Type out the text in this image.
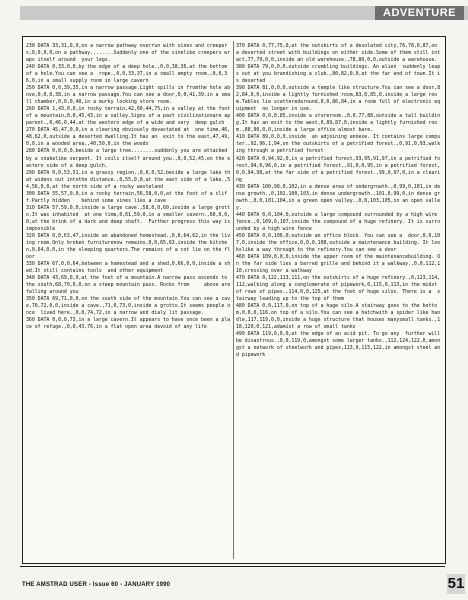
ADVENTURE
230 DATA 33,31,0,0,on a narrow pathway overrun with vines and creepers,0,0,0,0,on a pathway........Suddenly one of the vinelike creepers wraps itself around  your legs.
240 DATA 0,33,0,0,by the edge of a deep hole.,0,0,38,36,at the bottom of a hole.You can see a  rope.,0,0,33,37,in a small empty room.,0,0,36,0,in a small supply room in large cavern
250 DATA 0,0,39,35,in a narrow passage.Light spills in fromthe hole above,0,0,0,38,in a narrow passage.You can see a door,0,0,41,39,in a small chamber,0,0,0,40,in a murky locking store room.
260 DATA 1,43,0,0,in rocky terrain,42,60,44,75,in a valley at the foot of a mountain,0,0,45,43,in a valley.Signs of a past civilizationare apparent.,0,46,0,44,at the western edge of a wide and very  deep gulch
270 DATA 45,47,0,0,in a clearing obviously devastated at  one time,46,48,62,0,outside a deserted dwelling.It has an  exit to the east,47,49,0,0,in a wooded area.,40,50,0,in the woods
280 DATA 0,0,0,0,beside a large tree........suddenly you are attacked by a snakelike serpent. It coils itself around you.,0,0,52,45,on the eastern side of a deep gulch.
290 DATA 0,0,53,51,in a grassy region.,0,0,0,52,beside a large lake that widens out intothe distance.,0,55,0,0,at the east side of a lake.,54,56,0,0,at the north side of a rocky wasteland
300 DATA 55,57,0,0,in a rocky terrain,56,58,0,0,at the foot of a cliff.Partly hidden    behind some vines lies a cave
310 DATA 57,59,0,0,inside a large cave.,58,0,0,60,inside a large grotto.It was inhabited  at one time,0,61,59,0,in a smaller cavern.,60,0,0,0,at the brink of a dark and deep shaft.  Further progress this way is impossible
320 DATA 0,0,63,47,inside an abandoned homestead.,0,0,64,62,in the living room.Only broken furniturenow remains,0,0,65,63,inside the kitchen,0,64,0,0,in the sleeping quarters.The remains of a cot lie on the floor
330 DATA 67,0,0,64,between a homestead and a shed,0,66,0,0,inside a shed.It still contains tools  and other equipment
340 DATA 43,69,0,0,at the foot of a mountain.A narrow pass ascends to the south,68,70,0,0,on a steep mountain pass. Rocks from     above are falling around you
350 DATA 69,71,0,0,on the south side of the mountain.You can see a cave,70,72,0,0,inside a cave.,71,0,73,0,inside a grotto.It seems people once  lived here.,0,0,74,72,in a narrow and dialy lit passage.
360 DATA 0,0,0,73,in a large cavern.It appears to have once been a place of refuge.,0,0,43,76,in a flat open area devoid of any life
370 DATA 0,77,75,0,at the outskirts of a desolated city,76,78,0,87,on a deserted street with buildings on either side.Some of them still intact,77,79,0,0,inside an old warehouse.,78,80,0,0,outside a warehouse.
380 DATA 79,0,0,0,outside crumbling buildings. An alien  suddenly leaps out at you brandishing a club.,80,82,0,0,at the far end of town.It is deserted
390 DATA 81,0,0,0,outside a temple like structure.You can see a door,82,84,0,0,inside a lightly furnished room,83,0,85,0,inside a large room.Tables lie scatteredaround,0,0,86,84,in a room full of electronic equipment  no longer in use.
400 DATA 0,0,0,85,inside a storeroom.,0,0,77,88,outside a tall building.It has an exit to the west,0,89,87,0,inside a lightly furnished room.,88,90,0,0,inside a large office almost bare.
410 DATA 89,0,0,0,inside  an adjoining annexe. It contains large computer.,92,96,1,94,on the outskirts of a petrified forest.,0,91,0,93,walking through a petrified forest
420 DATA 0,94,92,0,in a petrified forest,93,95,91,97,in a petrified forest,94,0,96,0,in a petrified forest.,91,0,0,95,in a petrified forest,0,0,94,98,at the far side of a petrified forest.,99,0,97,0,in a clearing
430 DATA 100,98,0,102,in a dense area of undergrowth.,0,99,0,101,in dense growth.,0,102,100,103,in dense undergrowth.,101,0,99,0,in dense growth.,0,0,101,104,in a green open valley.,0,0,103,105,in an open valley.
440 DATA 0,0,104,0,outside a large compound surrounded by a high wire fence.,0,109,0,107,inside the compound of a huge refinery. It is surrounded by a high wire fence
450 DATA 0,0,106,0,outside an office block. You can see a  door,0,0,107,0,inside the office,0,0,0,108,outside a maintenance building. It lookslike a way through to the refinery.You can see a door
460 DATA 109,0,0,0,inside the upper room of the maintenancebuilding. On the far side lies a barred grille and behind it a walkway.,0,0,112,110,crossing over a walkway
470 DATA 0,122,113,111,on the outskirts of a huge refinery.,0,123,114,112,walking along a conglomerate of pipework,0,115,0,113,in the midst of rows of pipes.,114,0,0,125,at the foot of huge silos. There is a  stairway leading up to the top of them
480 DATA 0,0,117,0,on top of a huge silo.A stairway goes to the bottom,0,0,0,116,on top of a silo.You can see a hatchwith a spider like handle,117,119,0,0,inside a huge structure that houses manysmall tanks.,118,120,0,121,adamist a row of small tanks
490 DATA 119,0,0,0,at the edge of an acid pit. To go any  further will be disastrous.,0,0,119,0,amongst some larger tanks.,112,124,122,0,amongst a network of steelwork and pipes,113,0,115,122,in amongst steel and pipework
THE AMSTRAD USER - Issue 60 - JANUARY 1990	51
